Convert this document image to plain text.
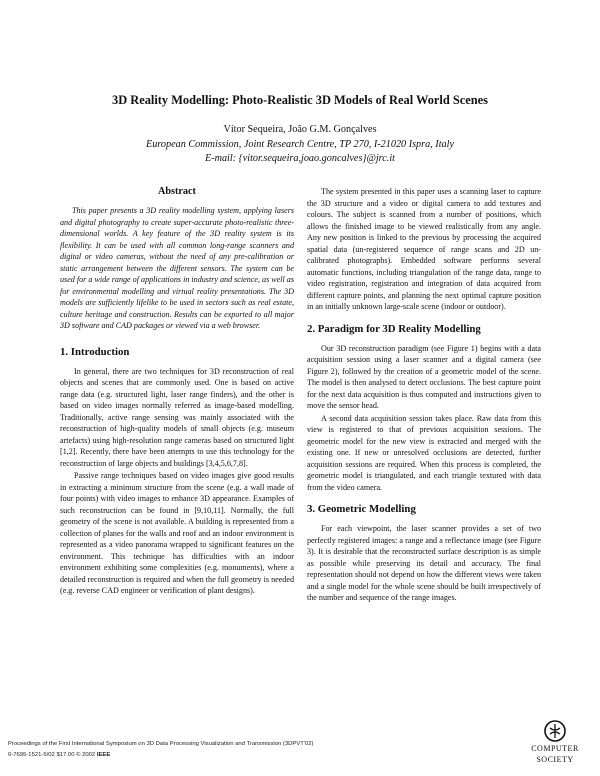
3D Reality Modelling: Photo-Realistic 3D Models of Real World Scenes
Vítor Sequeira, João G.M. Gonçalves
European Commission, Joint Research Centre, TP 270, I-21020 Ispra, Italy
E-mail: {vitor.sequeira,joao.goncalves}@jrc.it
Abstract

This paper presents a 3D reality modelling system, applying lasers and digital photography to create super-accurate photo-realistic three-dimensional worlds. A key feature of the 3D reality system is its flexibility. It can be used with all common long-range scanners and digital or video cameras, without the need of any pre-calibration or static arrangement between the different sensors. The system can be used for a wide range of applications in industry and science, as well as for environmental modelling and virtual reality presentations. The 3D models are sufficiently lifelike to be used in sectors such as real estate, culture heritage and construction. Results can be exported to all major 3D software and CAD packages or viewed via a web browser.

1. Introduction

In general, there are two techniques for 3D reconstruction of real objects and scenes that are commonly used. One is based on active range data (e.g. structured light, laser range finders), and the other is based on video images normally referred as image-based modelling. Traditionally, active range sensing was mainly associated with the reconstruction of high-quality models of small objects (e.g. museum artefacts) using high-resolution range cameras based on structured light [1,2]. Recently, there have been attempts to use this technology for the reconstruction of large objects and buildings [3,4,5,6,7,8].

Passive range techniques based on video images give good results in extracting a minimum structure from the scene (e.g. a wall made of four points) with video images to enhance 3D appearance. Examples of such reconstruction can be found in [9,10,11]. Normally, the full geometry of the scene is not available. A building is represented from a collection of planes for the walls and roof and an indoor environment is represented as a video panorama wrapped to significant features on the environment. This technique has difficulties with an indoor environment exhibiting some complexities (e.g. monuments), where a detailed reconstruction is required and when the full geometry is needed (e.g. reverse CAD engineer or verification of plant designs).

The system presented in this paper uses a scanning laser to capture the 3D structure and a video or digital camera to add textures and colours. The subject is scanned from a number of positions, which allows the finished image to be viewed realistically from any angle. Any new position is linked to the previous by processing the acquired spatial data (un-registered sequence of range scans and 2D un-calibrated photographs). Embedded software performs several automatic functions, including triangulation of the range data, range to video registration, registration and integration of data acquired from different capture points, and planning the next optimal capture position in an initially unknown large-scale scene (indoor or outdoor).

2. Paradigm for 3D Reality Modelling

Our 3D reconstruction paradigm (see Figure 1) begins with a data acquisition session using a laser scanner and a digital camera (see Figure 2), followed by the creation of a geometric model of the scene. The model is then analysed to detect occlusions. The best capture point for the next data acquisition is thus computed and instructions given to move the sensor head.

A second data acquisition session takes place. Raw data from this view is registered to that of previous acquisition sessions. The geometric model for the new view is extracted and merged with the existing one. If new or unresolved occlusions are detected, further acquisition sessions are required. When this process is completed, the geometric model is triangulated, and each triangle textured with data from the video camera.

3. Geometric Modelling

For each viewpoint, the laser scanner provides a set of two perfectly registered images: a range and a reflectance image (see Figure 3). It is desirable that the reconstructed surface description is as simple as possible while preserving its detail and accuracy. The final representation should not depend on how the different views were taken and a single model for the whole scene should be built irrespectively of the number and sequence of the range images.

Proceedings of the First International Symposium on 3D Data Processing Visualization and Transmission (3DPVT'02)
0-7695-1521-5/02 $17.00 © 2002 IEEE
COMPUTER
SOCIETY
